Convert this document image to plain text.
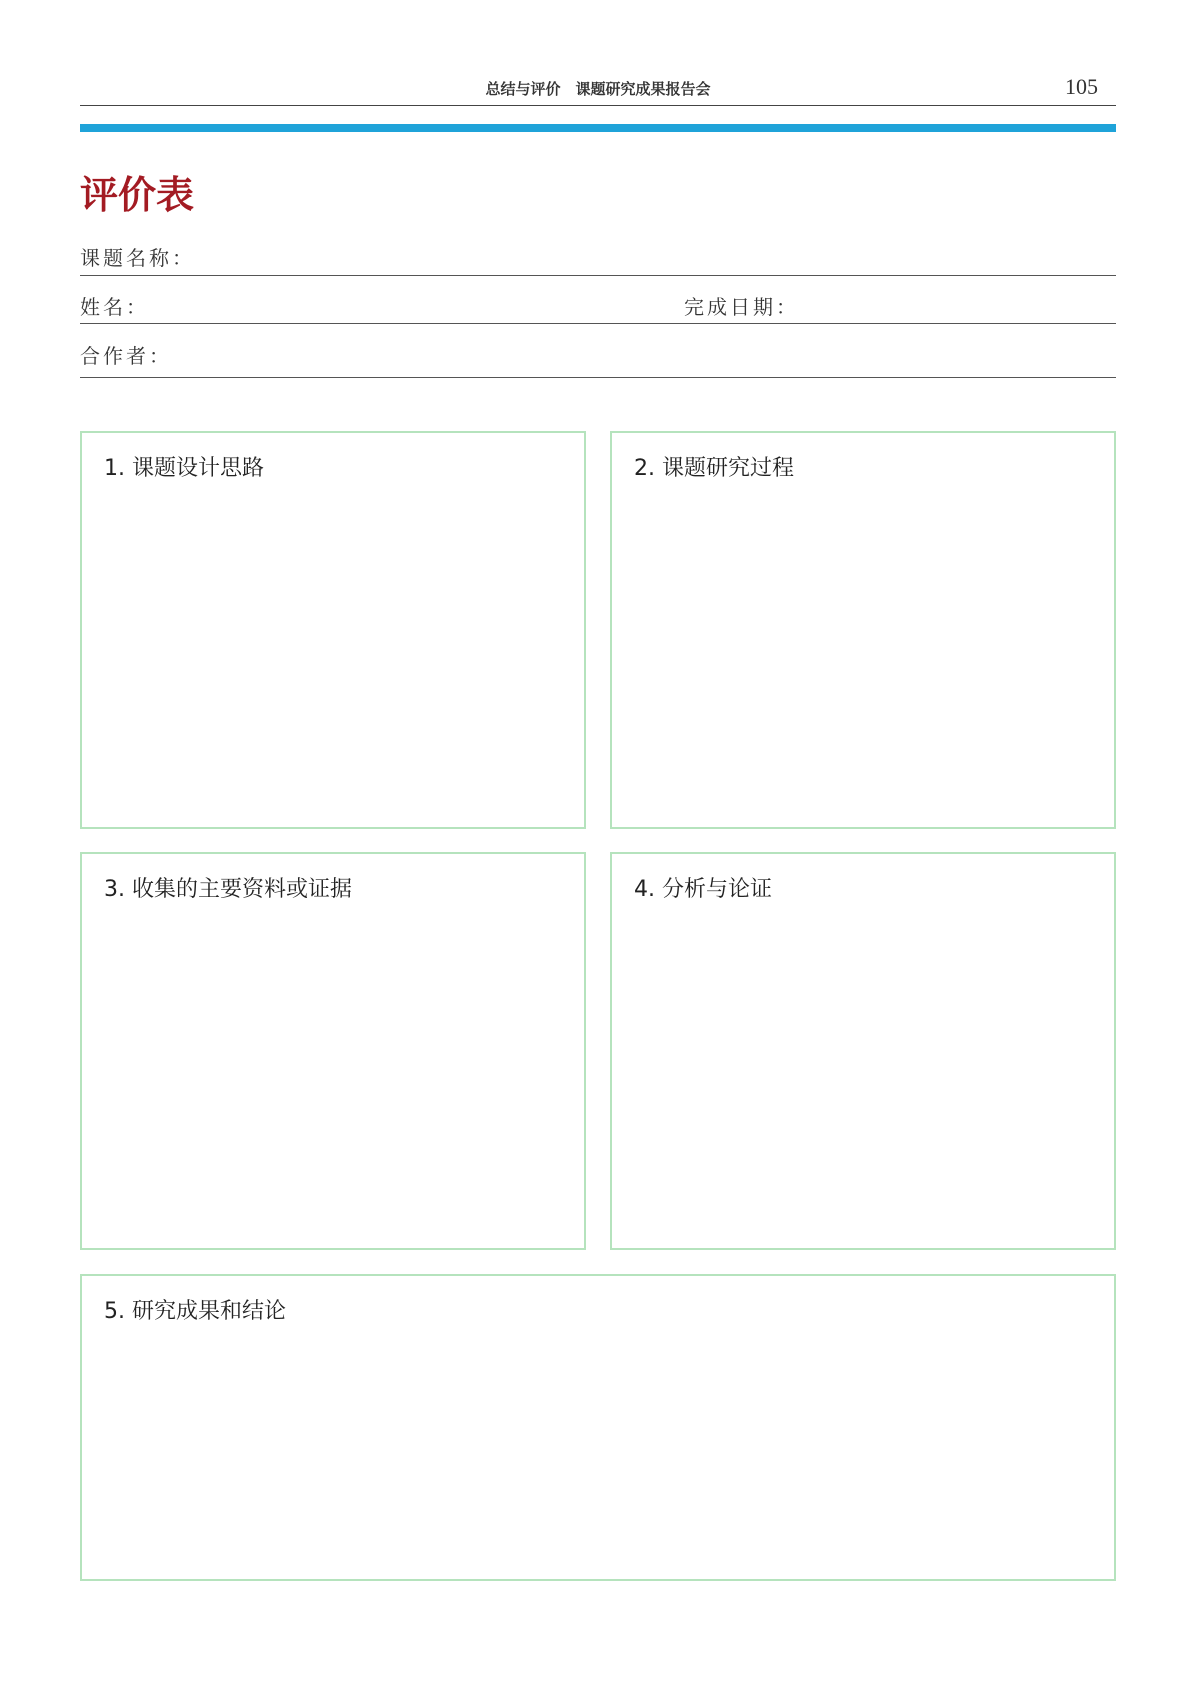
总结与评价　课题研究成果报告会	105
评价表
课题名称：
姓名：	完成日期：
合作者：
1. 课题设计思路	2. 课题研究过程
3. 收集的主要资料或证据	4. 分析与论证
5. 研究成果和结论
